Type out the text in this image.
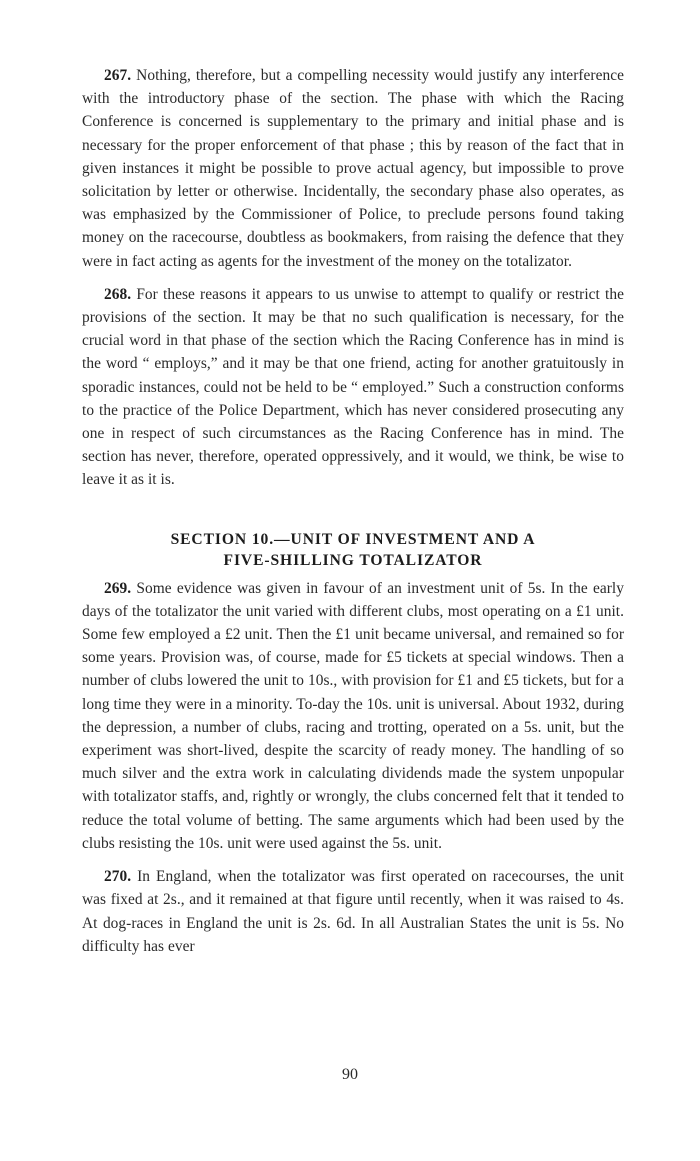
267. Nothing, therefore, but a compelling necessity would justify any interference with the introductory phase of the section. The phase with which the Racing Conference is concerned is supplementary to the primary and initial phase and is necessary for the proper enforcement of that phase ; this by reason of the fact that in given instances it might be possible to prove actual agency, but impossible to prove solicitation by letter or otherwise. Incidentally, the secondary phase also operates, as was emphasized by the Commissioner of Police, to preclude persons found taking money on the racecourse, doubtless as bookmakers, from raising the defence that they were in fact acting as agents for the investment of the money on the totalizator.

268. For these reasons it appears to us unwise to attempt to qualify or restrict the provisions of the section. It may be that no such qualification is necessary, for the crucial word in that phase of the section which the Racing Conference has in mind is the word “ employs,” and it may be that one friend, acting for another gratuitously in sporadic instances, could not be held to be “ employed.” Such a construction conforms to the practice of the Police Department, which has never considered prosecuting any one in respect of such circumstances as the Racing Conference has in mind. The section has never, therefore, operated oppressively, and it would, we think, be wise to leave it as it is.

SECTION 10.—UNIT OF INVESTMENT AND A
FIVE-SHILLING TOTALIZATOR

269. Some evidence was given in favour of an investment unit of 5s. In the early days of the totalizator the unit varied with different clubs, most operating on a £1 unit. Some few employed a £2 unit. Then the £1 unit became universal, and remained so for some years. Provision was, of course, made for £5 tickets at special windows. Then a number of clubs lowered the unit to 10s., with provision for £1 and £5 tickets, but for a long time they were in a minority. To-day the 10s. unit is universal. About 1932, during the depression, a number of clubs, racing and trotting, operated on a 5s. unit, but the experiment was short-lived, despite the scarcity of ready money. The handling of so much silver and the extra work in calculating dividends made the system unpopular with totalizator staffs, and, rightly or wrongly, the clubs concerned felt that it tended to reduce the total volume of betting. The same arguments which had been used by the clubs resisting the 10s. unit were used against the 5s. unit.

270. In England, when the totalizator was first operated on racecourses, the unit was fixed at 2s., and it remained at that figure until recently, when it was raised to 4s. At dog-races in England the unit is 2s. 6d. In all Australian States the unit is 5s. No difficulty has ever

90
